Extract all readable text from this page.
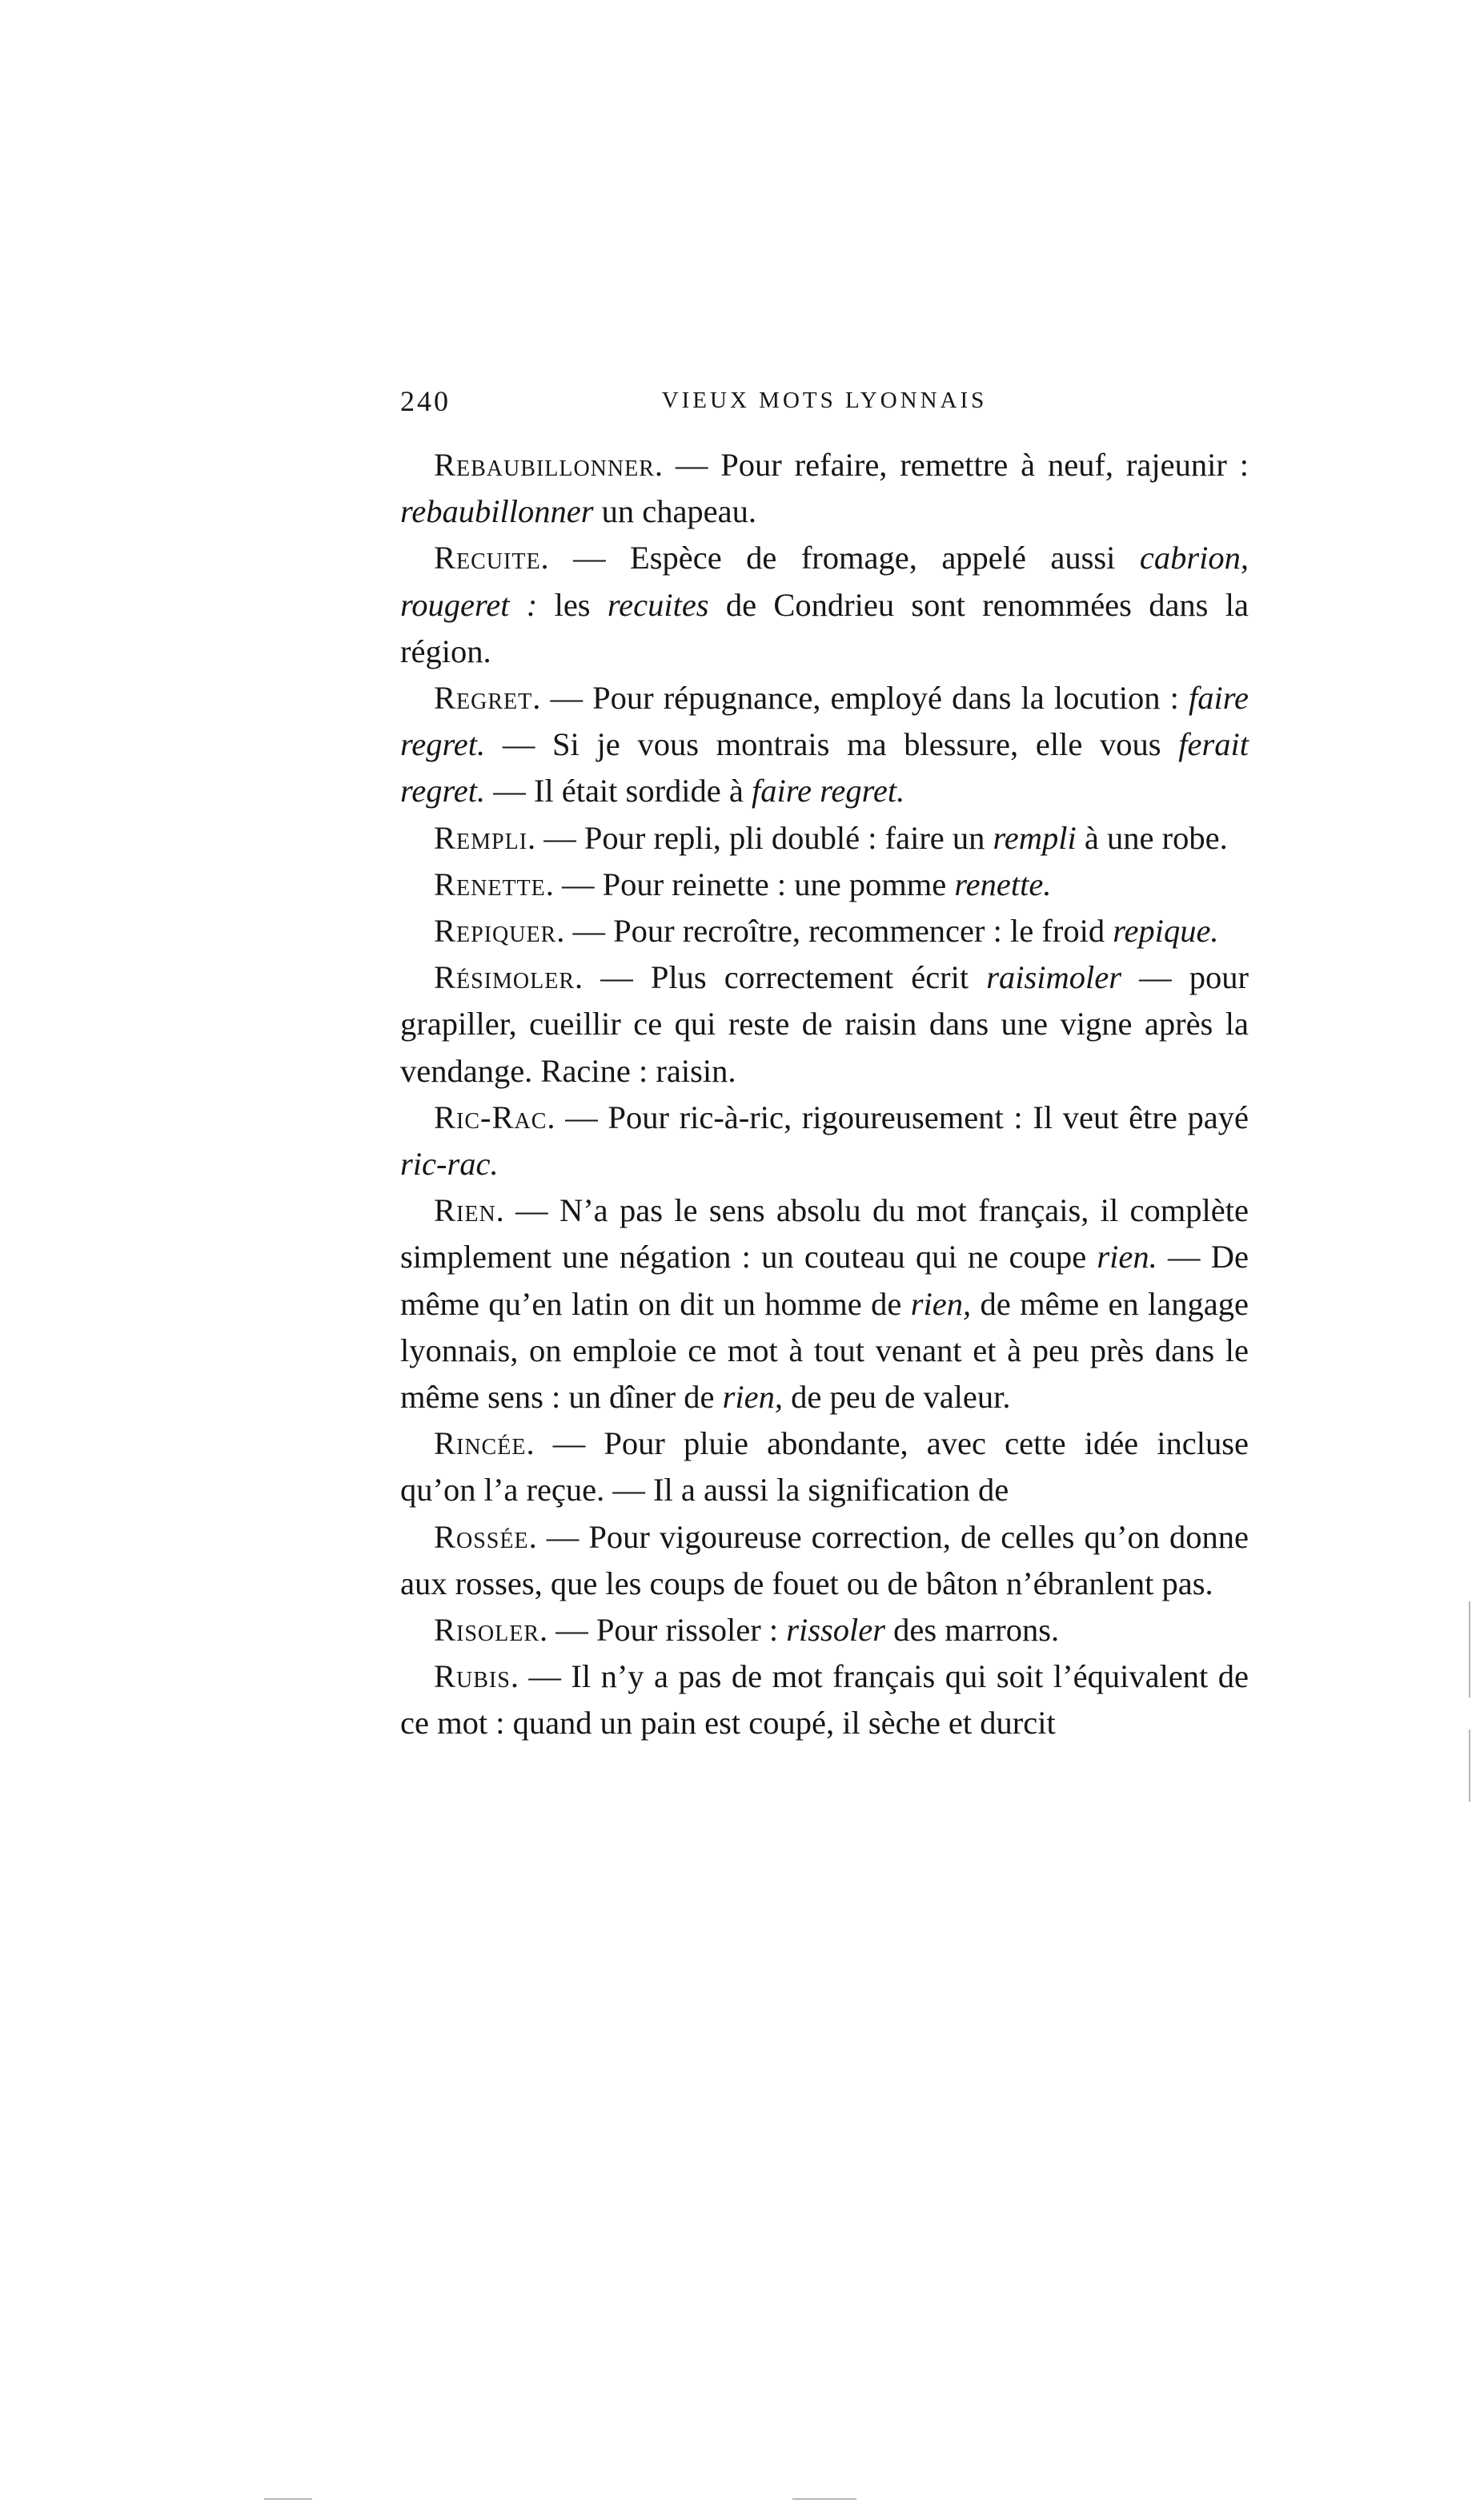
240	VIEUX MOTS LYONNAIS

Rebaubillonner. — Pour refaire, remettre à neuf, rajeunir : rebaubillonner un chapeau.

Recuite. — Espèce de fromage, appelé aussi cabrion, rougeret : les recuites de Condrieu sont renommées dans la région.

Regret. — Pour répugnance, employé dans la locution : faire regret. — Si je vous montrais ma blessure, elle vous ferait regret. — Il était sordide à faire regret.

Rempli. — Pour repli, pli doublé : faire un rempli à une robe.

Renette. — Pour reinette : une pomme renette.

Repiquer. — Pour recroître, recommencer : le froid repique.

Résimoler. — Plus correctement écrit raisimoler — pour grapiller, cueillir ce qui reste de raisin dans une vigne après la vendange. Racine : raisin.

Ric-Rac. — Pour ric-à-ric, rigoureusement : Il veut être payé ric-rac.

Rien. — N’a pas le sens absolu du mot français, il complète simplement une négation : un couteau qui ne coupe rien. — De même qu’en latin on dit un homme de rien, de même en langage lyonnais, on emploie ce mot à tout venant et à peu près dans le même sens : un dîner de rien, de peu de valeur.

Rincée. — Pour pluie abondante, avec cette idée incluse qu’on l’a reçue. — Il a aussi la signification de

Rossée. — Pour vigoureuse correction, de celles qu’on donne aux rosses, que les coups de fouet ou de bâton n’ébranlent pas.

Risoler. — Pour rissoler : rissoler des marrons.

Rubis. — Il n’y a pas de mot français qui soit l’équivalent de ce mot : quand un pain est coupé, il sèche et durcit
